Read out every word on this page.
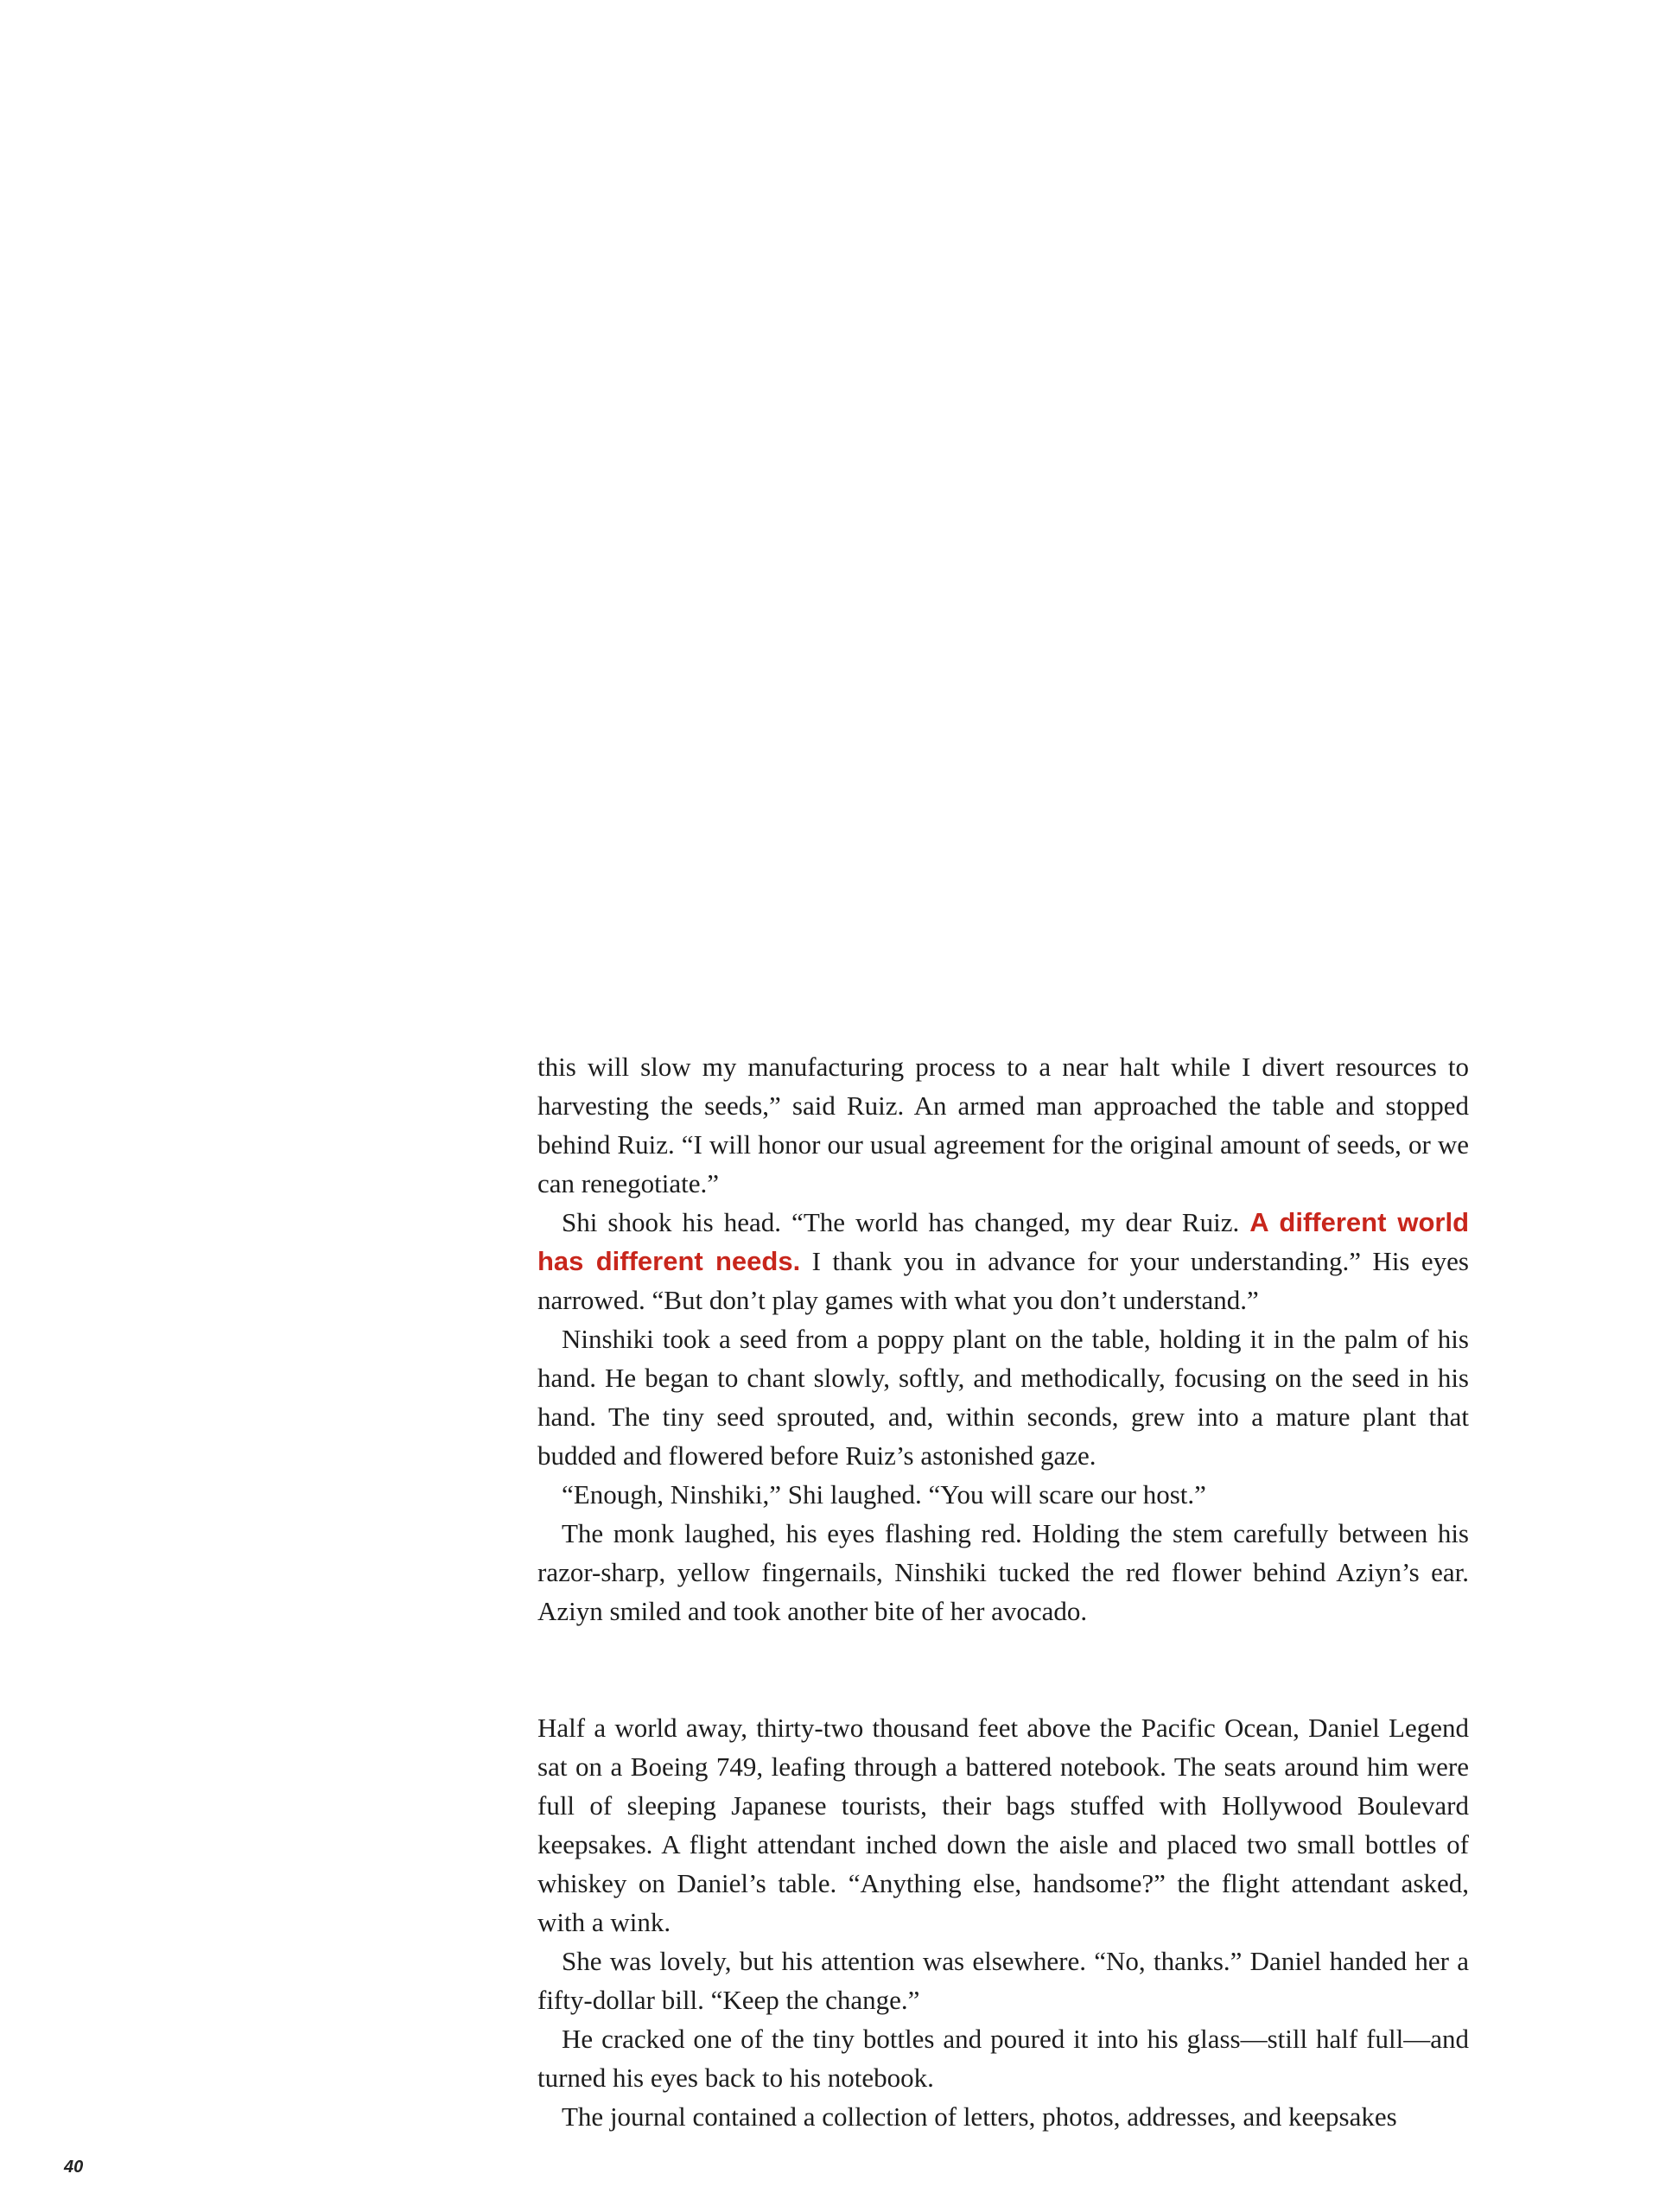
this will slow my manufacturing process to a near halt while I divert resources to harvesting the seeds,” said Ruiz. An armed man approached the table and stopped behind Ruiz. “I will honor our usual agreement for the original amount of seeds, or we can renegotiate.”

Shi shook his head. “The world has changed, my dear Ruiz. A different world has different needs. I thank you in advance for your understanding.” His eyes narrowed. “But don’t play games with what you don’t understand.”

Ninshiki took a seed from a poppy plant on the table, holding it in the palm of his hand. He began to chant slowly, softly, and methodically, focusing on the seed in his hand. The tiny seed sprouted, and, within seconds, grew into a mature plant that budded and flowered before Ruiz’s astonished gaze.

“Enough, Ninshiki,” Shi laughed. “You will scare our host.”

The monk laughed, his eyes flashing red. Holding the stem carefully between his razor-sharp, yellow fingernails, Ninshiki tucked the red flower behind Aziyn’s ear. Aziyn smiled and took another bite of her avocado.

Half a world away, thirty-two thousand feet above the Pacific Ocean, Daniel Legend sat on a Boeing 749, leafing through a battered notebook. The seats around him were full of sleeping Japanese tourists, their bags stuffed with Hollywood Boulevard keepsakes. A flight attendant inched down the aisle and placed two small bottles of whiskey on Daniel’s table. “Anything else, handsome?” the flight attendant asked, with a wink.

She was lovely, but his attention was elsewhere. “No, thanks.” Daniel handed her a fifty-dollar bill. “Keep the change.”

He cracked one of the tiny bottles and poured it into his glass—still half full—and turned his eyes back to his notebook.

The journal contained a collection of letters, photos, addresses, and keepsakes

40
